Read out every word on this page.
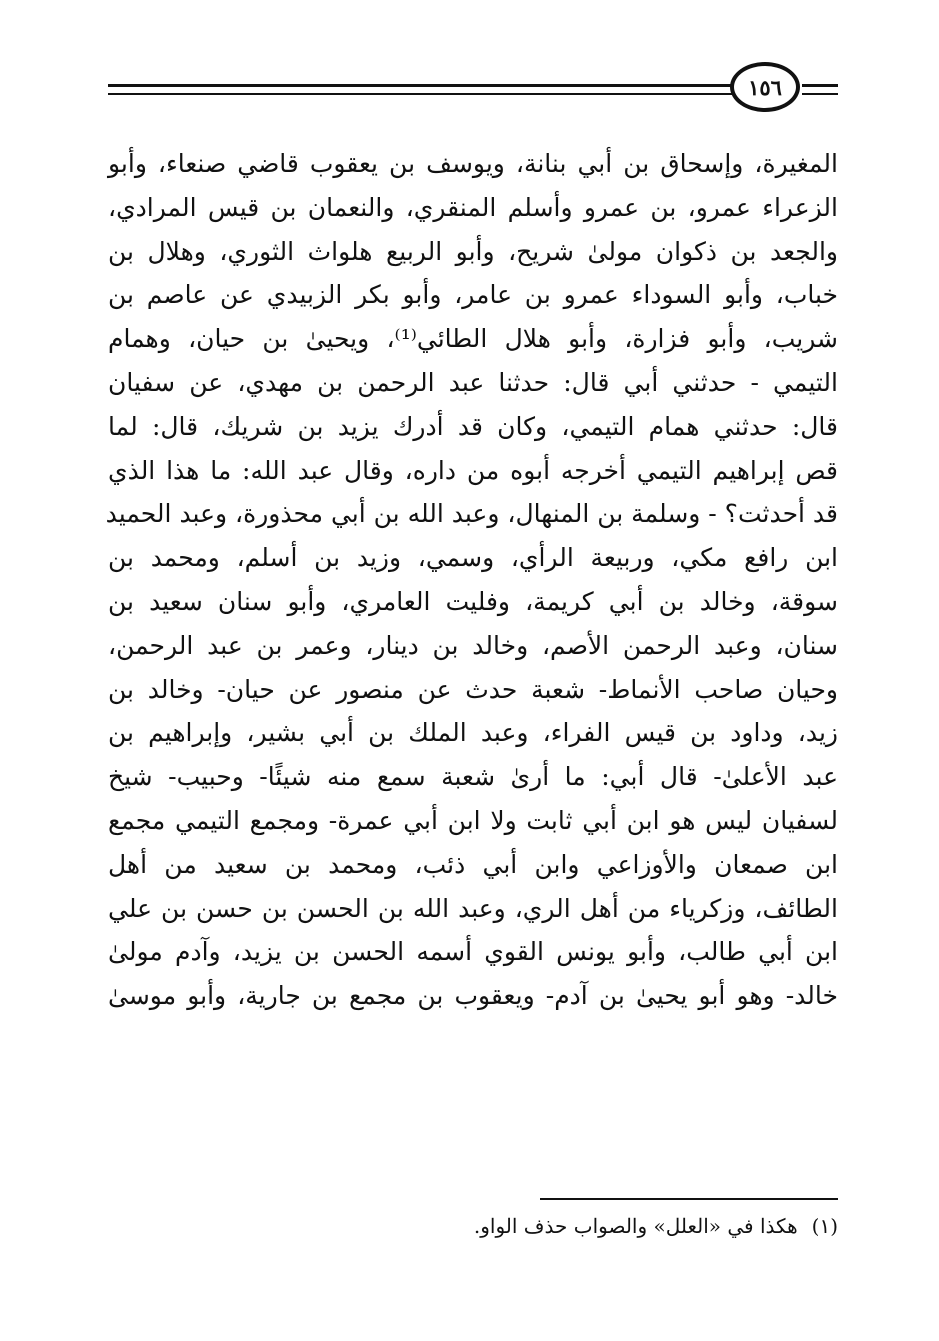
١٥٦
المغيرة، وإسحاق بن أبي بنانة، ويوسف بن يعقوب قاضي صنعاء، وأبو
الزعراء عمرو، بن عمرو وأسلم المنقري، والنعمان بن قيس المرادي،
والجعد بن ذكوان مولىٰ شريح، وأبو الربيع هلواث الثوري، وهلال بن
خباب، وأبو السوداء عمرو بن عامر، وأبو بكر الزبيدي عن عاصم بن
شريب، وأبو فزارة، وأبو هلال الطائي⁽¹⁾، ويحيىٰ بن حيان، وهمام
التيمي - حدثني أبي قال: حدثنا عبد الرحمن بن مهدي، عن سفيان
قال: حدثني همام التيمي، وكان قد أدرك يزيد بن شريك، قال: لما
قص إبراهيم التيمي أخرجه أبوه من داره، وقال عبد الله: ما هذا الذي
قد أحدثت؟ - وسلمة بن المنهال، وعبد الله بن أبي محذورة، وعبد الحميد
ابن رافع مكي، وربيعة الرأي، وسمي، وزيد بن أسلم، ومحمد بن
سوقة، وخالد بن أبي كريمة، وفليت العامري، وأبو سنان سعيد بن
سنان، وعبد الرحمن الأصم، وخالد بن دينار، وعمر بن عبد الرحمن،
وحيان صاحب الأنماط- شعبة حدث عن منصور عن حيان- وخالد بن
زيد، وداود بن قيس الفراء، وعبد الملك بن أبي بشير، وإبراهيم بن
عبد الأعلىٰ- قال أبي: ما أرىٰ شعبة سمع منه شيئًا- وحبيب- شيخ
لسفيان ليس هو ابن أبي ثابت ولا ابن أبي عمرة- ومجمع التيمي مجمع
ابن صمعان والأوزاعي وابن أبي ذئب، ومحمد بن سعيد من أهل
الطائف، وزكرياء من أهل الري، وعبد الله بن الحسن بن حسن بن علي
ابن أبي طالب، وأبو يونس القوي أسمه الحسن بن يزيد، وآدم مولىٰ
خالد- وهو أبو يحيىٰ بن آدم- ويعقوب بن مجمع بن جارية، وأبو موسىٰ
(١)هكذا في «العلل» والصواب حذف الواو.
